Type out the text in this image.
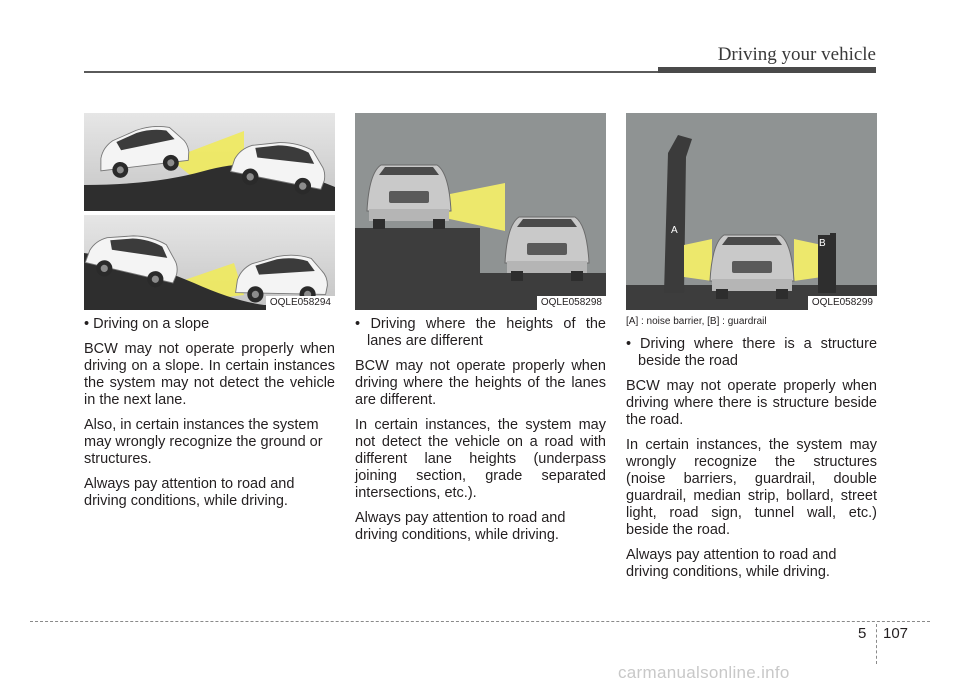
Driving your vehicle
OQLE058294	OQLE058298
A
B
OQLE058299

• Driving on a slope

BCW may not operate properly when driving on a slope. In certain instances the system may not detect the vehicle in the next lane.

Also, in certain instances the system may wrongly recognize the ground or structures.

Always pay attention to road and driving conditions, while driving.

• Driving where the heights of the lanes are different

BCW may not operate properly when driving where the heights of the lanes are different.

In certain instances, the system may not detect the vehicle on a road with different lane heights (underpass joining section, grade separated intersections, etc.).

Always pay attention to road and driving conditions, while driving.

[A] : noise barrier, [B] : guardrail

• Driving where there is a structure beside the road

BCW may not operate properly when driving where there is structure beside the road.

In certain instances, the system may wrongly recognize the structures (noise barriers, guardrail, double guardrail, median strip, bollard, street light, road sign, tunnel wall, etc.) beside the road.

Always pay attention to road and driving conditions, while driving.

5 107
carmanualsonline.info
